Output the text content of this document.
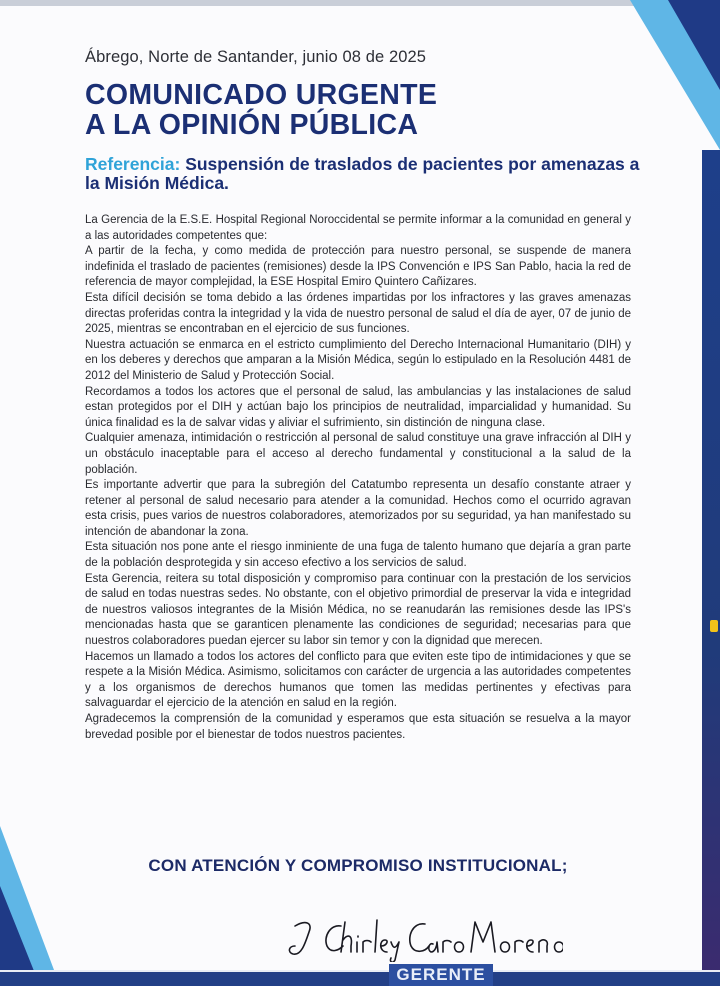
Ábrego, Norte de Santander, junio 08 de 2025
COMUNICADO URGENTE
A LA OPINIÓN PÚBLICA
Referencia: Suspensión de traslados de pacientes por amenazas a la Misión Médica.

La Gerencia de la E.S.E. Hospital Regional Noroccidental se permite informar a la comunidad en general y a las autoridades competentes que:

A partir de la fecha, y como medida de protección para nuestro personal, se suspende de manera indefinida el traslado de pacientes (remisiones) desde la IPS Convención e IPS San Pablo, hacia la red de referencia de mayor complejidad, la ESE Hospital Emiro Quintero Cañizares.

Esta difícil decisión se toma debido a las órdenes impartidas por los infractores y las graves amenazas directas proferidas contra la integridad y la vida de nuestro personal de salud el día de ayer, 07 de junio de 2025, mientras se encontraban en el ejercicio de sus funciones.

Nuestra actuación se enmarca en el estricto cumplimiento del Derecho Internacional Humanitario (DIH) y en los deberes y derechos que amparan a la Misión Médica, según lo estipulado en la Resolución 4481 de 2012 del Ministerio de Salud y Protección Social.

Recordamos a todos los actores que el personal de salud, las ambulancias y las instalaciones de salud estan protegidos por el DIH y actúan bajo los principios de neutralidad, imparcialidad y humanidad. Su única finalidad es la de salvar vidas y aliviar el sufrimiento, sin distinción de ninguna clase.

Cualquier amenaza, intimidación o restricción al personal de salud constituye una grave infracción al DIH y un obstáculo inaceptable para el acceso al derecho fundamental y constitucional a la salud de la población.

Es importante advertir que para la subregión del Catatumbo representa un desafío constante atraer y retener al personal de salud necesario para atender a la comunidad. Hechos como el ocurrido agravan esta crisis, pues varios de nuestros colaboradores, atemorizados por su seguridad, ya han manifestado su intención de abandonar la zona.

Esta situación nos pone ante el riesgo inminiente de una fuga de talento humano que dejaría a gran parte de la población desprotegida y sin acceso efectivo a los servicios de salud.

Esta Gerencia, reitera su total disposición y compromiso para continuar con la prestación de los servicios de salud en todas nuestras sedes. No obstante, con el objetivo primordial de preservar la vida e integridad de nuestros valiosos integrantes de la Misión Médica, no se reanudarán las remisiones desde las IPS's mencionadas hasta que se garanticen plenamente las condiciones de seguridad; necesarias para que nuestros colaboradores puedan ejercer su labor sin temor y con la dignidad que merecen.

Hacemos un llamado a todos los actores del conflicto para que eviten este tipo de intimidaciones y que se respete a la Misión Médica. Asimismo, solicitamos con carácter de urgencia a las autoridades competentes y a los organismos de derechos humanos que tomen las medidas pertinentes y efectivas para salvaguardar el ejercicio de la atención en salud en la región.

Agradecemos la comprensión de la comunidad y esperamos que esta situación se resuelva a la mayor brevedad posible por el bienestar de todos nuestros pacientes.

CON ATENCIÓN Y COMPROMISO INSTITUCIONAL;
GERENTE
